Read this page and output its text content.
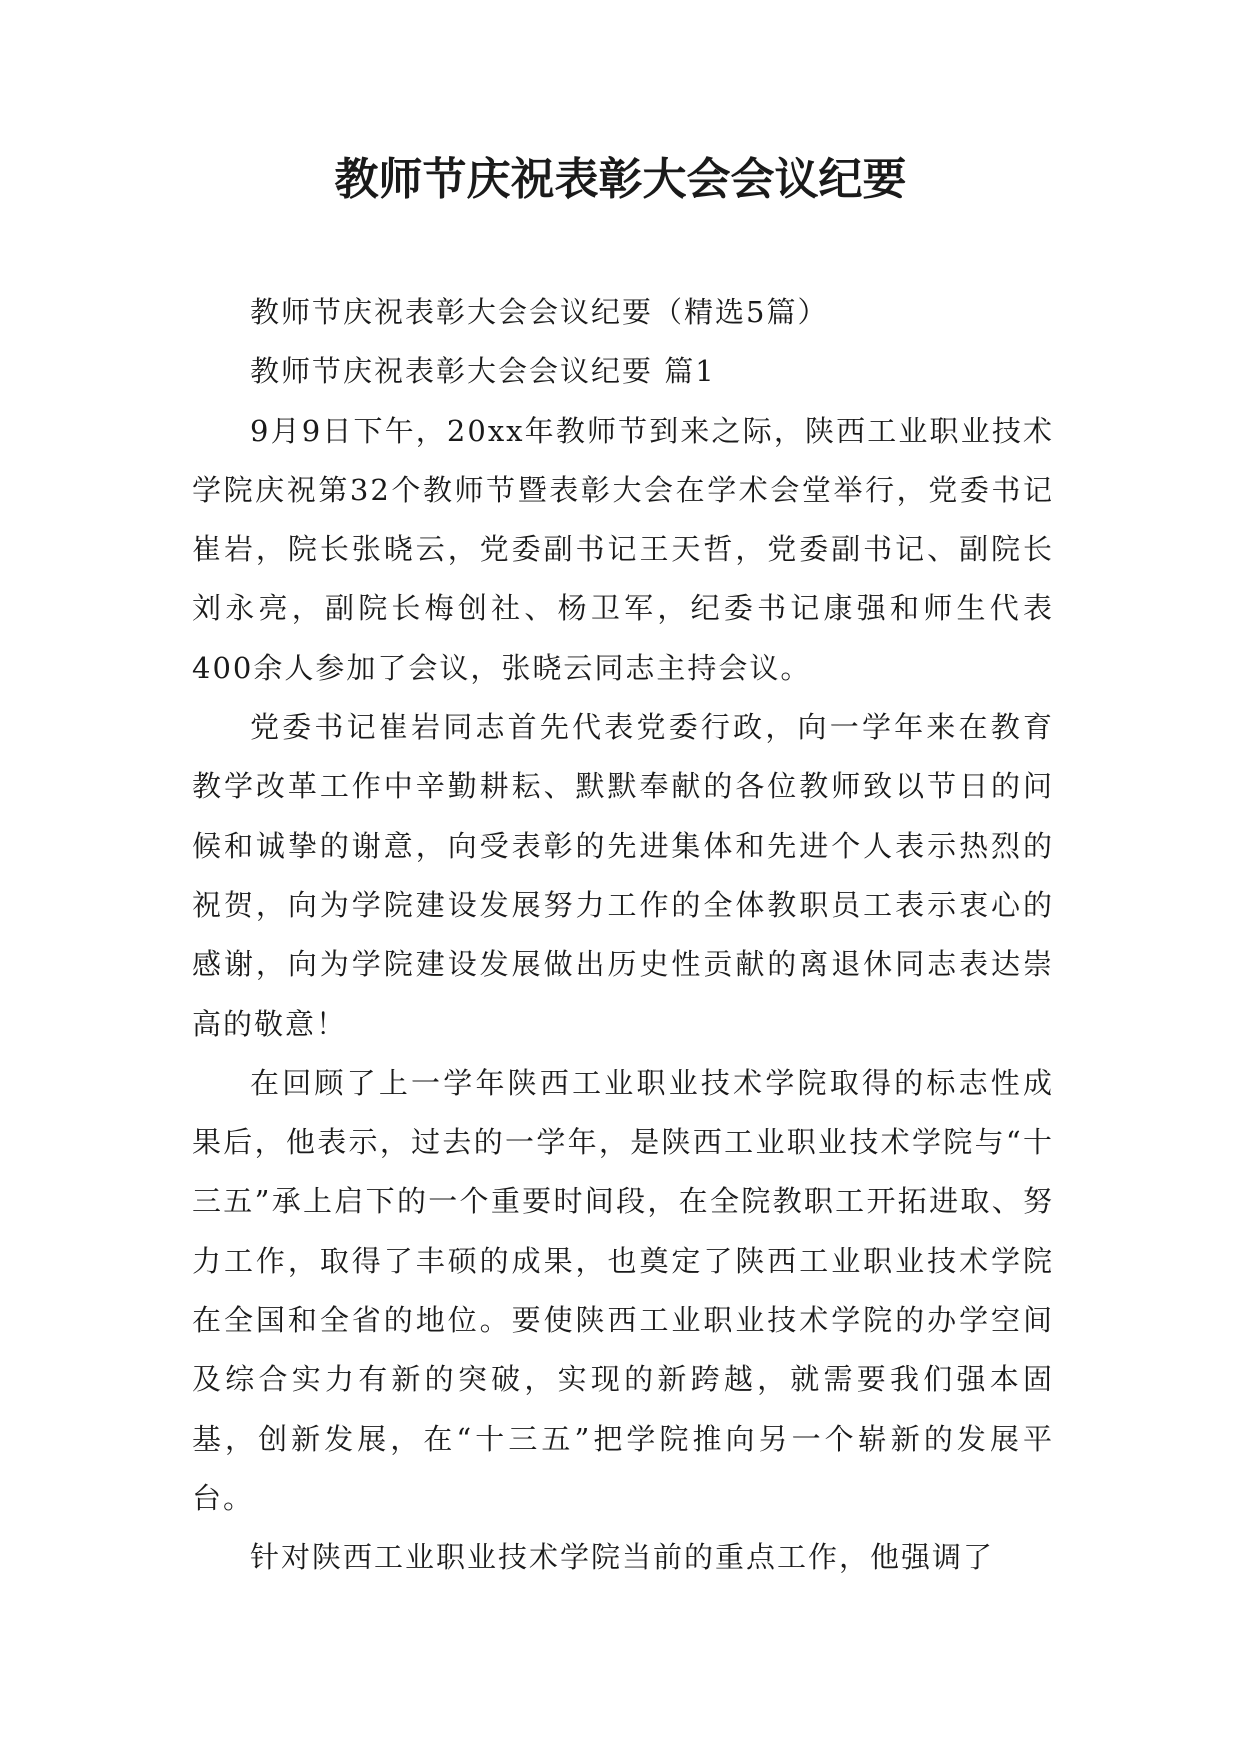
教师节庆祝表彰大会会议纪要

教师节庆祝表彰大会会议纪要（精选5篇）

教师节庆祝表彰大会会议纪要 篇1

9月9日下午，20xx年教师节到来之际，陕西工业职业技术学院庆祝第32个教师节暨表彰大会在学术会堂举行，党委书记崔岩，院长张晓云，党委副书记王天哲，党委副书记、副院长刘永亮，副院长梅创社、杨卫军，纪委书记康强和师生代表400余人参加了会议，张晓云同志主持会议。

党委书记崔岩同志首先代表党委行政，向一学年来在教育教学改革工作中辛勤耕耘、默默奉献的各位教师致以节日的问候和诚挚的谢意，向受表彰的先进集体和先进个人表示热烈的祝贺，向为学院建设发展努力工作的全体教职员工表示衷心的感谢，向为学院建设发展做出历史性贡献的离退休同志表达崇高的敬意！

在回顾了上一学年陕西工业职业技术学院取得的标志性成果后，他表示，过去的一学年，是陕西工业职业技术学院与“十三五”承上启下的一个重要时间段，在全院教职工开拓进取、努力工作，取得了丰硕的成果，也奠定了陕西工业职业技术学院在全国和全省的地位。要使陕西工业职业技术学院的办学空间及综合实力有新的突破，实现的新跨越，就需要我们强本固基，创新发展，在“十三五”把学院推向另一个崭新的发展平台。

针对陕西工业职业技术学院当前的重点工作，他强调了
